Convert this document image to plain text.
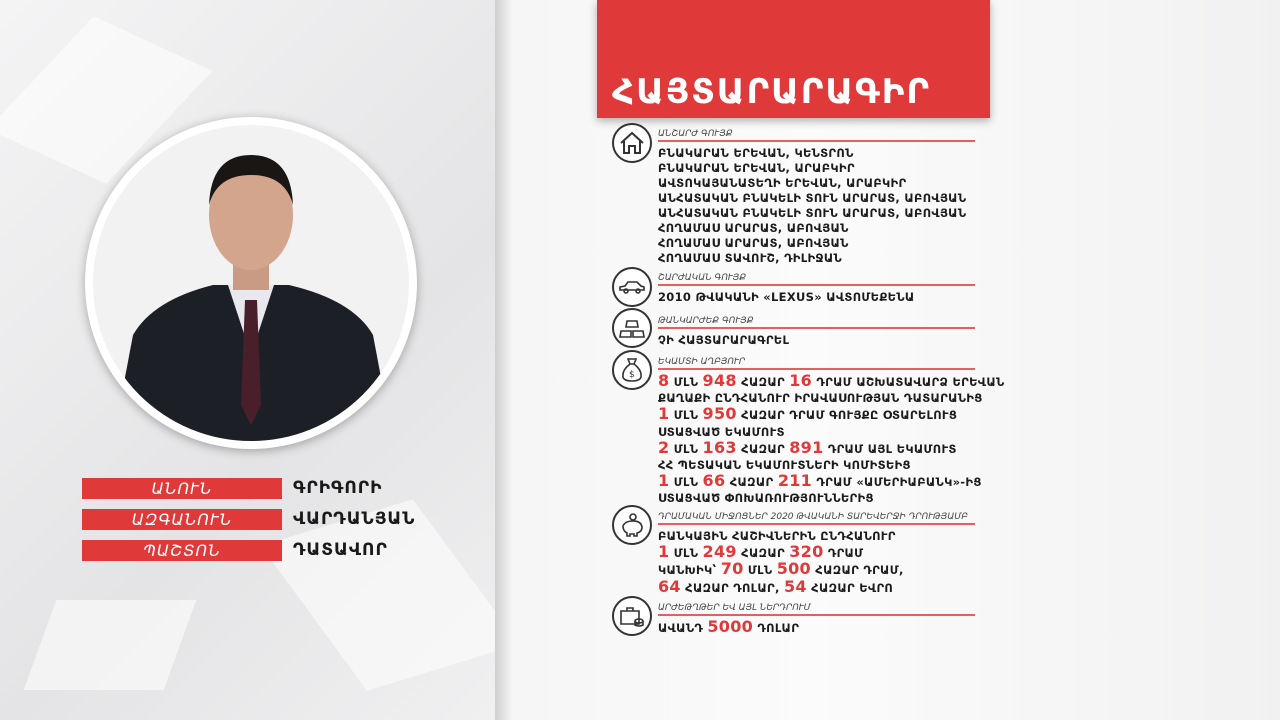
ՀԱՅՏԱՐԱՐԱԳԻՐ
ԱՆՈՒՆ	ԳՐԻԳՈՐԻ
ԱԶԳԱՆՈՒՆ	ՎԱՐԴԱՆՅԱՆ
ՊԱՇՏՈՆ	ԴԱՏԱՎՈՐ
$
ԱՆՇԱՐԺ ԳՈՒՅՔ
ԲՆԱԿԱՐԱՆ ԵՐԵՎԱՆ, ԿԵՆՏՐՈՆ
ԲՆԱԿԱՐԱՆ ԵՐԵՎԱՆ, ԱՐԱԲԿԻՐ
ԱՎՏՈԿԱՅԱՆԱՏԵՂԻ ԵՐԵՎԱՆ, ԱՐԱԲԿԻՐ
ԱՆՀԱՏԱԿԱՆ ԲՆԱԿԵԼԻ ՏՈՒՆ ԱՐԱՐԱՏ, ԱԲՈՎՅԱՆ
ԱՆՀԱՏԱԿԱՆ ԲՆԱԿԵԼԻ ՏՈՒՆ ԱՐԱՐԱՏ, ԱԲՈՎՅԱՆ
ՀՈՂԱՄԱՍ ԱՐԱՐԱՏ, ԱԲՈՎՅԱՆ
ՀՈՂԱՄԱՍ ԱՐԱՐԱՏ, ԱԲՈՎՅԱՆ
ՀՈՂԱՄԱՍ ՏԱՎՈՒՇ, ԴԻԼԻՋԱՆ
ՇԱՐԺԱԿԱՆ ԳՈՒՅՔ
2010 ԹՎԱԿԱՆԻ «LEXUS» ԱՎՏՈՄԵՔԵՆԱ
ԹԱՆԿԱՐԺԵՔ ԳՈՒՅՔ
ՉԻ ՀԱՅՏԱՐԱՐԱԳՐԵԼ
ԵԿԱՄՏԻ ԱՂԲՅՈՒՐ
8 ՄԼՆ 948 ՀԱԶԱՐ 16 ԴՐԱՄ ԱՇԽԱՏԱՎԱՐՁ ԵՐԵՎԱՆ
ՔԱՂԱՔԻ ԸՆԴՀԱՆՈՒՐ ԻՐԱՎԱՍՈՒԹՅԱՆ ԴԱՏԱՐԱՆԻՑ
1 ՄԼՆ 950 ՀԱԶԱՐ ԴՐԱՄ ԳՈՒՅՔԸ ՕՏԱՐԵԼՈՒՑ
ՍՏԱՑՎԱԾ ԵԿԱՄՈՒՏ
2 ՄԼՆ 163 ՀԱԶԱՐ 891 ԴՐԱՄ ԱՅԼ ԵԿԱՄՈՒՏ
ՀՀ ՊԵՏԱԿԱՆ ԵԿԱՄՈՒՏՆԵՐԻ ԿՈՄԻՏԵԻՑ
1 ՄԼՆ 66 ՀԱԶԱՐ 211 ԴՐԱՄ «ԱՄԵՐԻԱԲԱՆԿ»-ԻՑ
ՍՏԱՑՎԱԾ ՓՈԽԱՌՈՒԹՅՈՒՆՆԵՐԻՑ
ԴՐԱՄԱԿԱՆ ՄԻՋՈՑՆԵՐ 2020 ԹՎԱԿԱՆԻ ՏԱՐԵՎԵՐՋԻ ԴՐՈՒԹՅԱՄԲ
ԲԱՆԿԱՅԻՆ ՀԱՇԻՎՆԵՐԻՆ ԸՆԴՀԱՆՈՒՐ
1 ՄԼՆ 249 ՀԱԶԱՐ 320 ԴՐԱՄ
ԿԱՆԽԻԿ՝ 70 ՄԼՆ 500 ՀԱԶԱՐ ԴՐԱՄ,
64 ՀԱԶԱՐ ԴՈԼԱՐ, 54 ՀԱԶԱՐ ԵՎՐՈ
ԱՐԺԵԹՂԹԵՐ ԵՎ ԱՅԼ ՆԵՐԴՐՈՒՄ
ԱՎԱՆԴ 5000 ԴՈԼԱՐ
